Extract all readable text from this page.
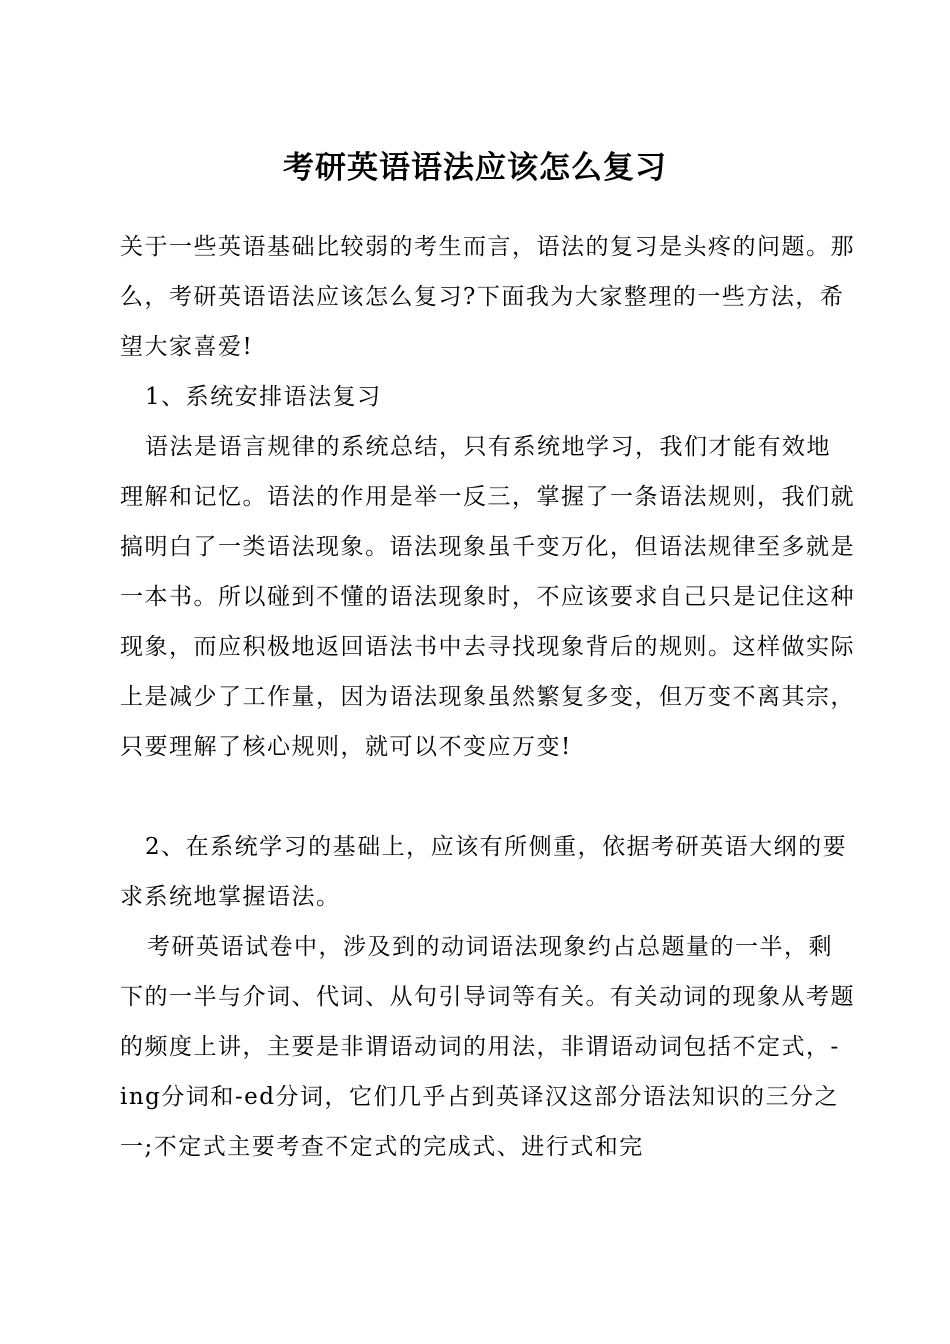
考研英语语法应该怎么复习

关于一些英语基础比较弱的考生而言，语法的复习是头疼的问题。那么，考研英语语法应该怎么复习?下面我为大家整理的一些方法，希望大家喜爱!

1、系统安排语法复习

语法是语言规律的系统总结，只有系统地学习，我们才能有效地理解和记忆。语法的作用是举一反三，掌握了一条语法规则，我们就搞明白了一类语法现象。语法现象虽千变万化，但语法规律至多就是一本书。所以碰到不懂的语法现象时，不应该要求自己只是记住这种现象，而应积极地返回语法书中去寻找现象背后的规则。这样做实际上是减少了工作量，因为语法现象虽然繁复多变，但万变不离其宗，只要理解了核心规则，就可以不变应万变!

2、在系统学习的基础上，应该有所侧重，依据考研英语大纲的要求系统地掌握语法。

考研英语试卷中，涉及到的动词语法现象约占总题量的一半，剩下的一半与介词、代词、从句引导词等有关。有关动词的现象从考题的频度上讲，主要是非谓语动词的用法，非谓语动词包括不定式，-ing分词和-ed分词，它们几乎占到英译汉这部分语法知识的三分之一;不定式主要考查不定式的完成式、进行式和完
